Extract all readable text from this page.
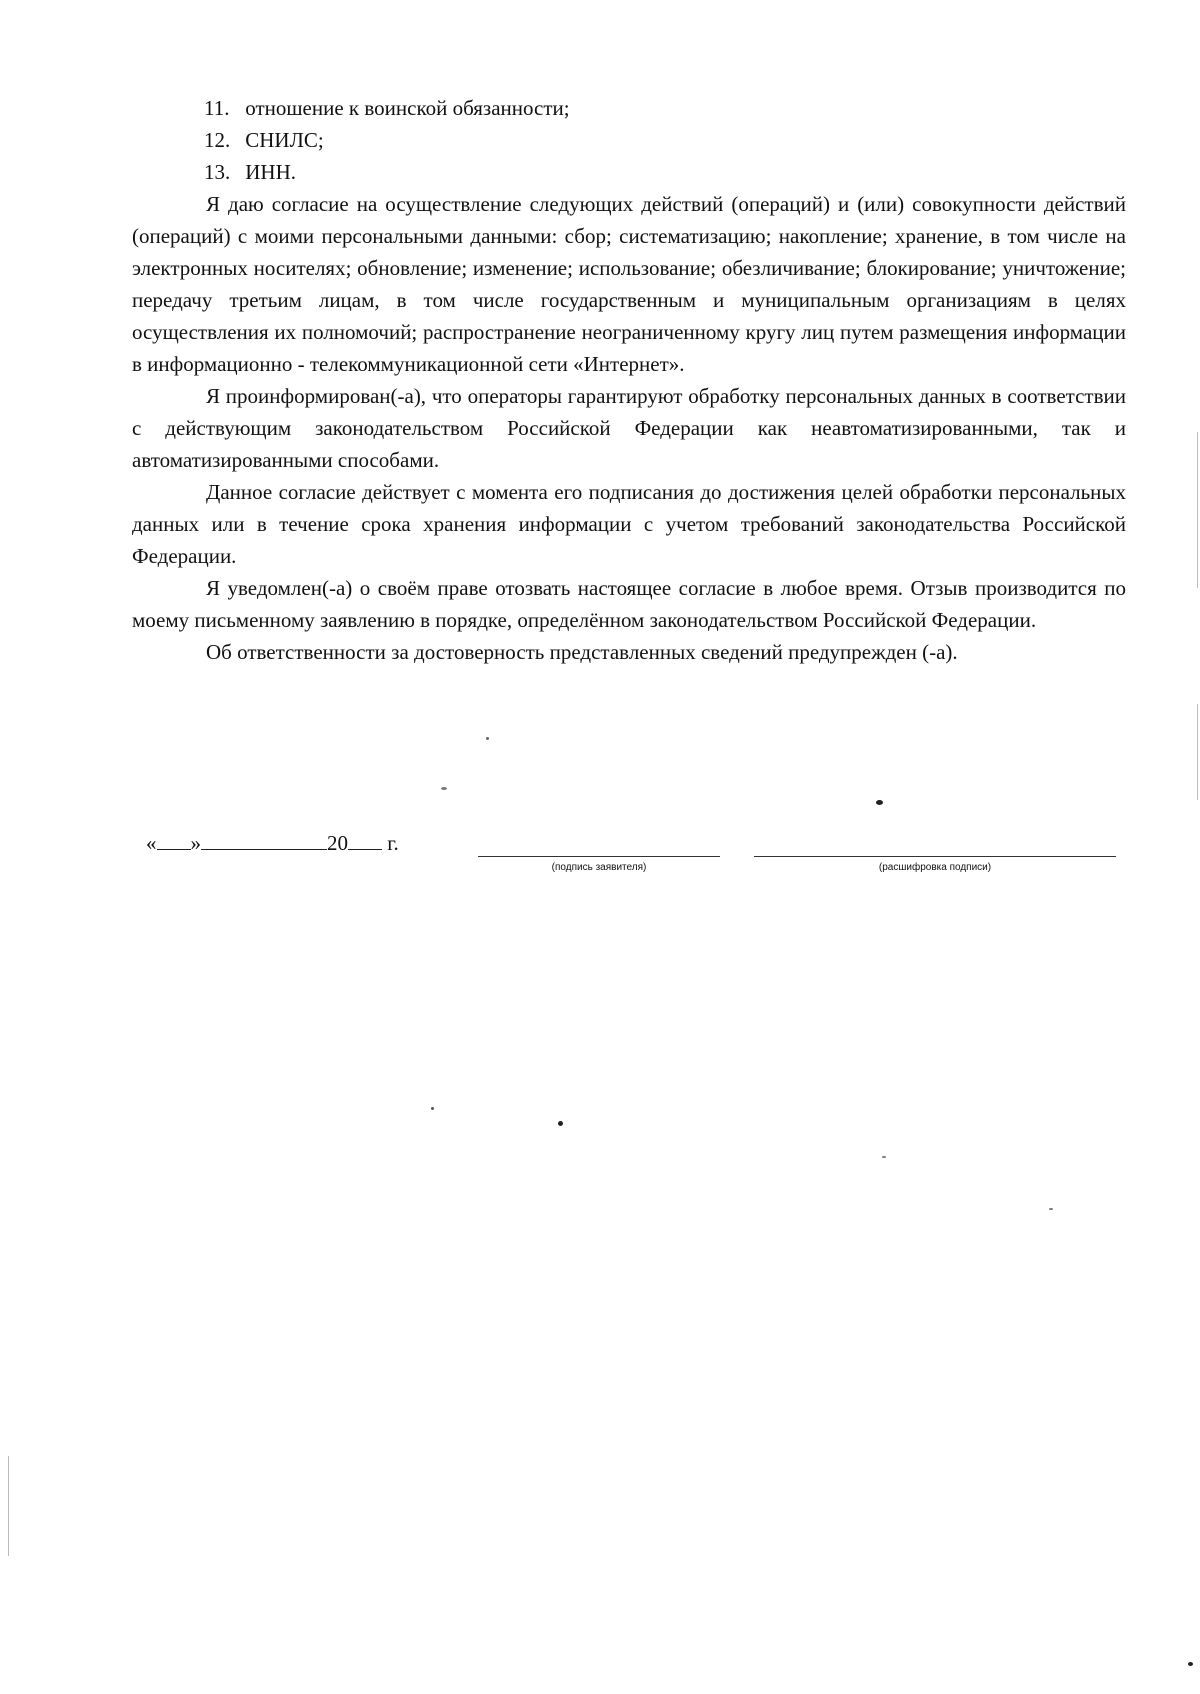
11. отношение к воинской обязанности;
12. СНИЛС;
13. ИНН.

Я даю согласие на осуществление следующих действий (операций) и (или) совокупности действий (операций) с моими персональными данными: сбор; систематизацию; накопление; хранение, в том числе на электронных носителях; обновление; изменение; использование; обезличивание; блокирование; уничтожение; передачу третьим лицам, в том числе государственным и муниципальным организациям в целях осуществления их полномочий; распространение неограниченному кругу лиц путем размещения информации в информационно - телекоммуникационной сети «Интернет».

Я проинформирован(-а), что операторы гарантируют обработку персональных данных в соответствии с действующим законодательством Российской Федерации как неавтоматизированными, так и автоматизированными способами.

Данное согласие действует с момента его подписания до достижения целей обработки персональных данных или в течение срока хранения информации с учетом требований законодательства Российской Федерации.

Я уведомлен(-а) о своём праве отозвать настоящее согласие в любое время. Отзыв производится по моему письменному заявлению в порядке, определённом законодательством Российской Федерации.

Об ответственности за достоверность представленных сведений предупрежден (-а).

« »	20 г.
(подпись заявителя)	(расшифровка подписи)
